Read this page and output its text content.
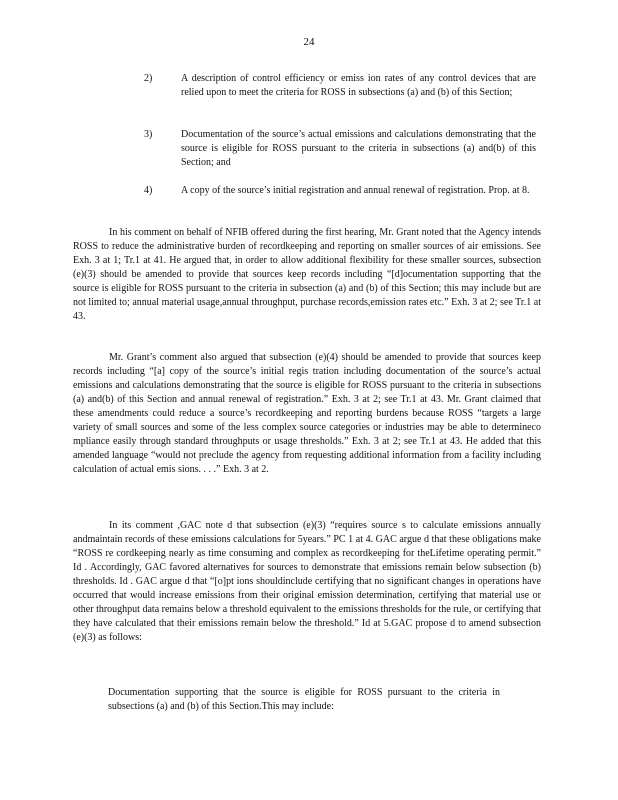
24
2)	A description of control efficiency or emiss ion rates of any control devices that are relied upon to meet the criteria for ROSS in subsections (a) and (b) of this Section;
3)	Documentation of the source’s actual emissions and calculations demonstrating that the source is eligible for ROSS pursuant to the criteria in subsections (a) and(b) of this Section; and
4)	A copy of the source’s initial registration and annual renewal of registration. Prop. at 8.

In his comment on behalf of NFIB offered during the first hearing, Mr. Grant noted that the Agency intends ROSS to reduce the administrative burden of recordkeeping and reporting on smaller sources of air emissions. See Exh. 3 at 1; Tr.1 at 41. He argued that, in order to allow additional flexibility for these smaller sources, subsection (e)(3) should be amended to provide that sources keep records including “[d]ocumentation supporting that the source is eligible for ROSS pursuant to the criteria in subsection (a) and (b) of this Section; this may include but are not limited to; annual material usage,annual throughput, purchase records,emission rates etc.” Exh. 3 at 2; see Tr.1 at 43.

Mr. Grant’s comment also argued that subsection (e)(4) should be amended to provide that sources keep records including “[a] copy of the source’s initial regis tration including documentation of the source’s actual emissions and calculations demonstrating that the source is eligible for ROSS pursuant to the criteria in subsections (a) and(b) of this Section and annual renewal of registration.” Exh. 3 at 2; see Tr.1 at 43. Mr. Grant claimed that these amendments could reduce a source’s recordkeeping and reporting burdens because ROSS “targets a large variety of small sources and some of the less complex source categories or industries may be able to determineco mpliance easily through standard throughputs or usage thresholds.” Exh. 3 at 2; see Tr.1 at 43. He added that this amended language “would not preclude the agency from requesting additional information from a facility including calculation of actual emis sions. . . .” Exh. 3 at 2.

In its comment ,GAC note d that subsection (e)(3) “requires source s to calculate emissions annually andmaintain records of these emissions calculations for 5years.” PC 1 at 4. GAC argue d that these obligations make “ROSS re cordkeeping nearly as time consuming and complex as recordkeeping for theLifetime operating permit.” Id . Accordingly, GAC favored alternatives for sources to demonstrate that emissions remain below subsection (b) thresholds. Id . GAC argue d that “[o]pt ions shouldinclude certifying that no significant changes in operations have occurred that would increase emissions from their original emission determination, certifying that material use or other throughput data remains below a threshold equivalent to the emissions thresholds for the rule, or certifying that they have calculated that their emissions remain below the threshold.” Id at 5.GAC propose d to amend subsection (e)(3) as follows:

Documentation supporting that the source is eligible for ROSS pursuant to the criteria in subsections (a) and (b) of this Section.This may include:
